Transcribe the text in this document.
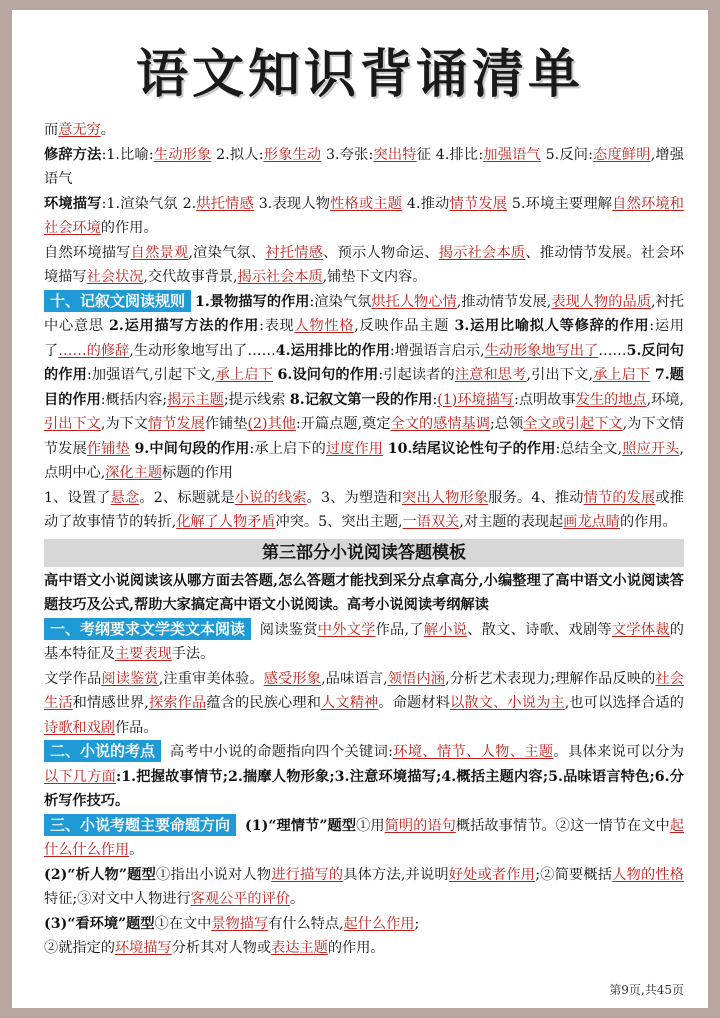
语文知识背诵清单

而意无穷。

修辞方法:1.比喻:生动形象 2.拟人:形象生动 3.夸张:突出特征 4.排比:加强语气 5.反问:态度鲜明,增强语气

环境描写:1.渲染气氛 2.烘托情感 3.表现人物性格或主题 4.推动情节发展 5.环境主要理解自然环境和社会环境的作用。

自然环境描写自然景观,渲染气氛、衬托情感、预示人物命运、揭示社会本质、推动情节发展。社会环境描写社会状况,交代故事背景,揭示社会本质,铺垫下文内容。

十、记叙文阅读规则 1.景物描写的作用:渲染气氛烘托人物心情,推动情节发展,表现人物的品质,衬托中心意思 2.运用描写方法的作用:表现人物性格,反映作品主题 3.运用比喻拟人等修辞的作用:运用了……的修辞,生动形象地写出了……4.运用排比的作用:增强语言启示,生动形象地写出了……5.反问句的作用:加强语气,引起下文,承上启下 6.设问句的作用:引起读者的注意和思考,引出下文,承上启下 7.题目的作用:概括内容;揭示主题;提示线索 8.记叙文第一段的作用:(1)环境描写:点明故事发生的地点,环境,引出下文,为下文情节发展作铺垫(2)其他:开篇点题,奠定全文的感情基调;总领全文或引起下文,为下文情节发展作铺垫 9.中间句段的作用:承上启下的过度作用 10.结尾议论性句子的作用:总结全文,照应开头,点明中心,深化主题标题的作用

1、设置了悬念。2、标题就是小说的线索。3、为塑造和突出人物形象服务。4、推动情节的发展或推动了故事情节的转折,化解了人物矛盾冲突。5、突出主题,一语双关,对主题的表现起画龙点睛的作用。

第三部分小说阅读答题模板

高中语文小说阅读该从哪方面去答题,怎么答题才能找到采分点拿高分,小编整理了高中语文小说阅读答题技巧及公式,帮助大家搞定高中语文小说阅读。高考小说阅读考纲解读

一、考纲要求文学类文本阅读 阅读鉴赏中外文学作品,了解小说、散文、诗歌、戏剧等文学体裁的基本特征及主要表现手法。

文学作品阅读鉴赏,注重审美体验。感受形象,品味语言,领悟内涵,分析艺术表现力;理解作品反映的社会生活和情感世界,探索作品蕴含的民族心理和人文精神。命题材料以散文、小说为主,也可以选择合适的诗歌和戏剧作品。

二、小说的考点 高考中小说的命题指向四个关键词:环境、情节、人物、主题。具体来说可以分为以下几方面:1.把握故事情节;2.揣摩人物形象;3.注意环境描写;4.概括主题内容;5.品味语言特色;6.分析写作技巧。

三、小说考题主要命题方向 (1)“理情节”题型①用简明的语句概括故事情节。②这一情节在文中起什么什么作用。

(2)“析人物”题型①指出小说对人物进行描写的具体方法,并说明好处或者作用;②简要概括人物的性格特征;③对文中人物进行客观公平的评价。

(3)“看环境”题型①在文中景物描写有什么特点,起什么作用;

②就指定的环境描写分析其对人物或表达主题的作用。

第9页,共45页
